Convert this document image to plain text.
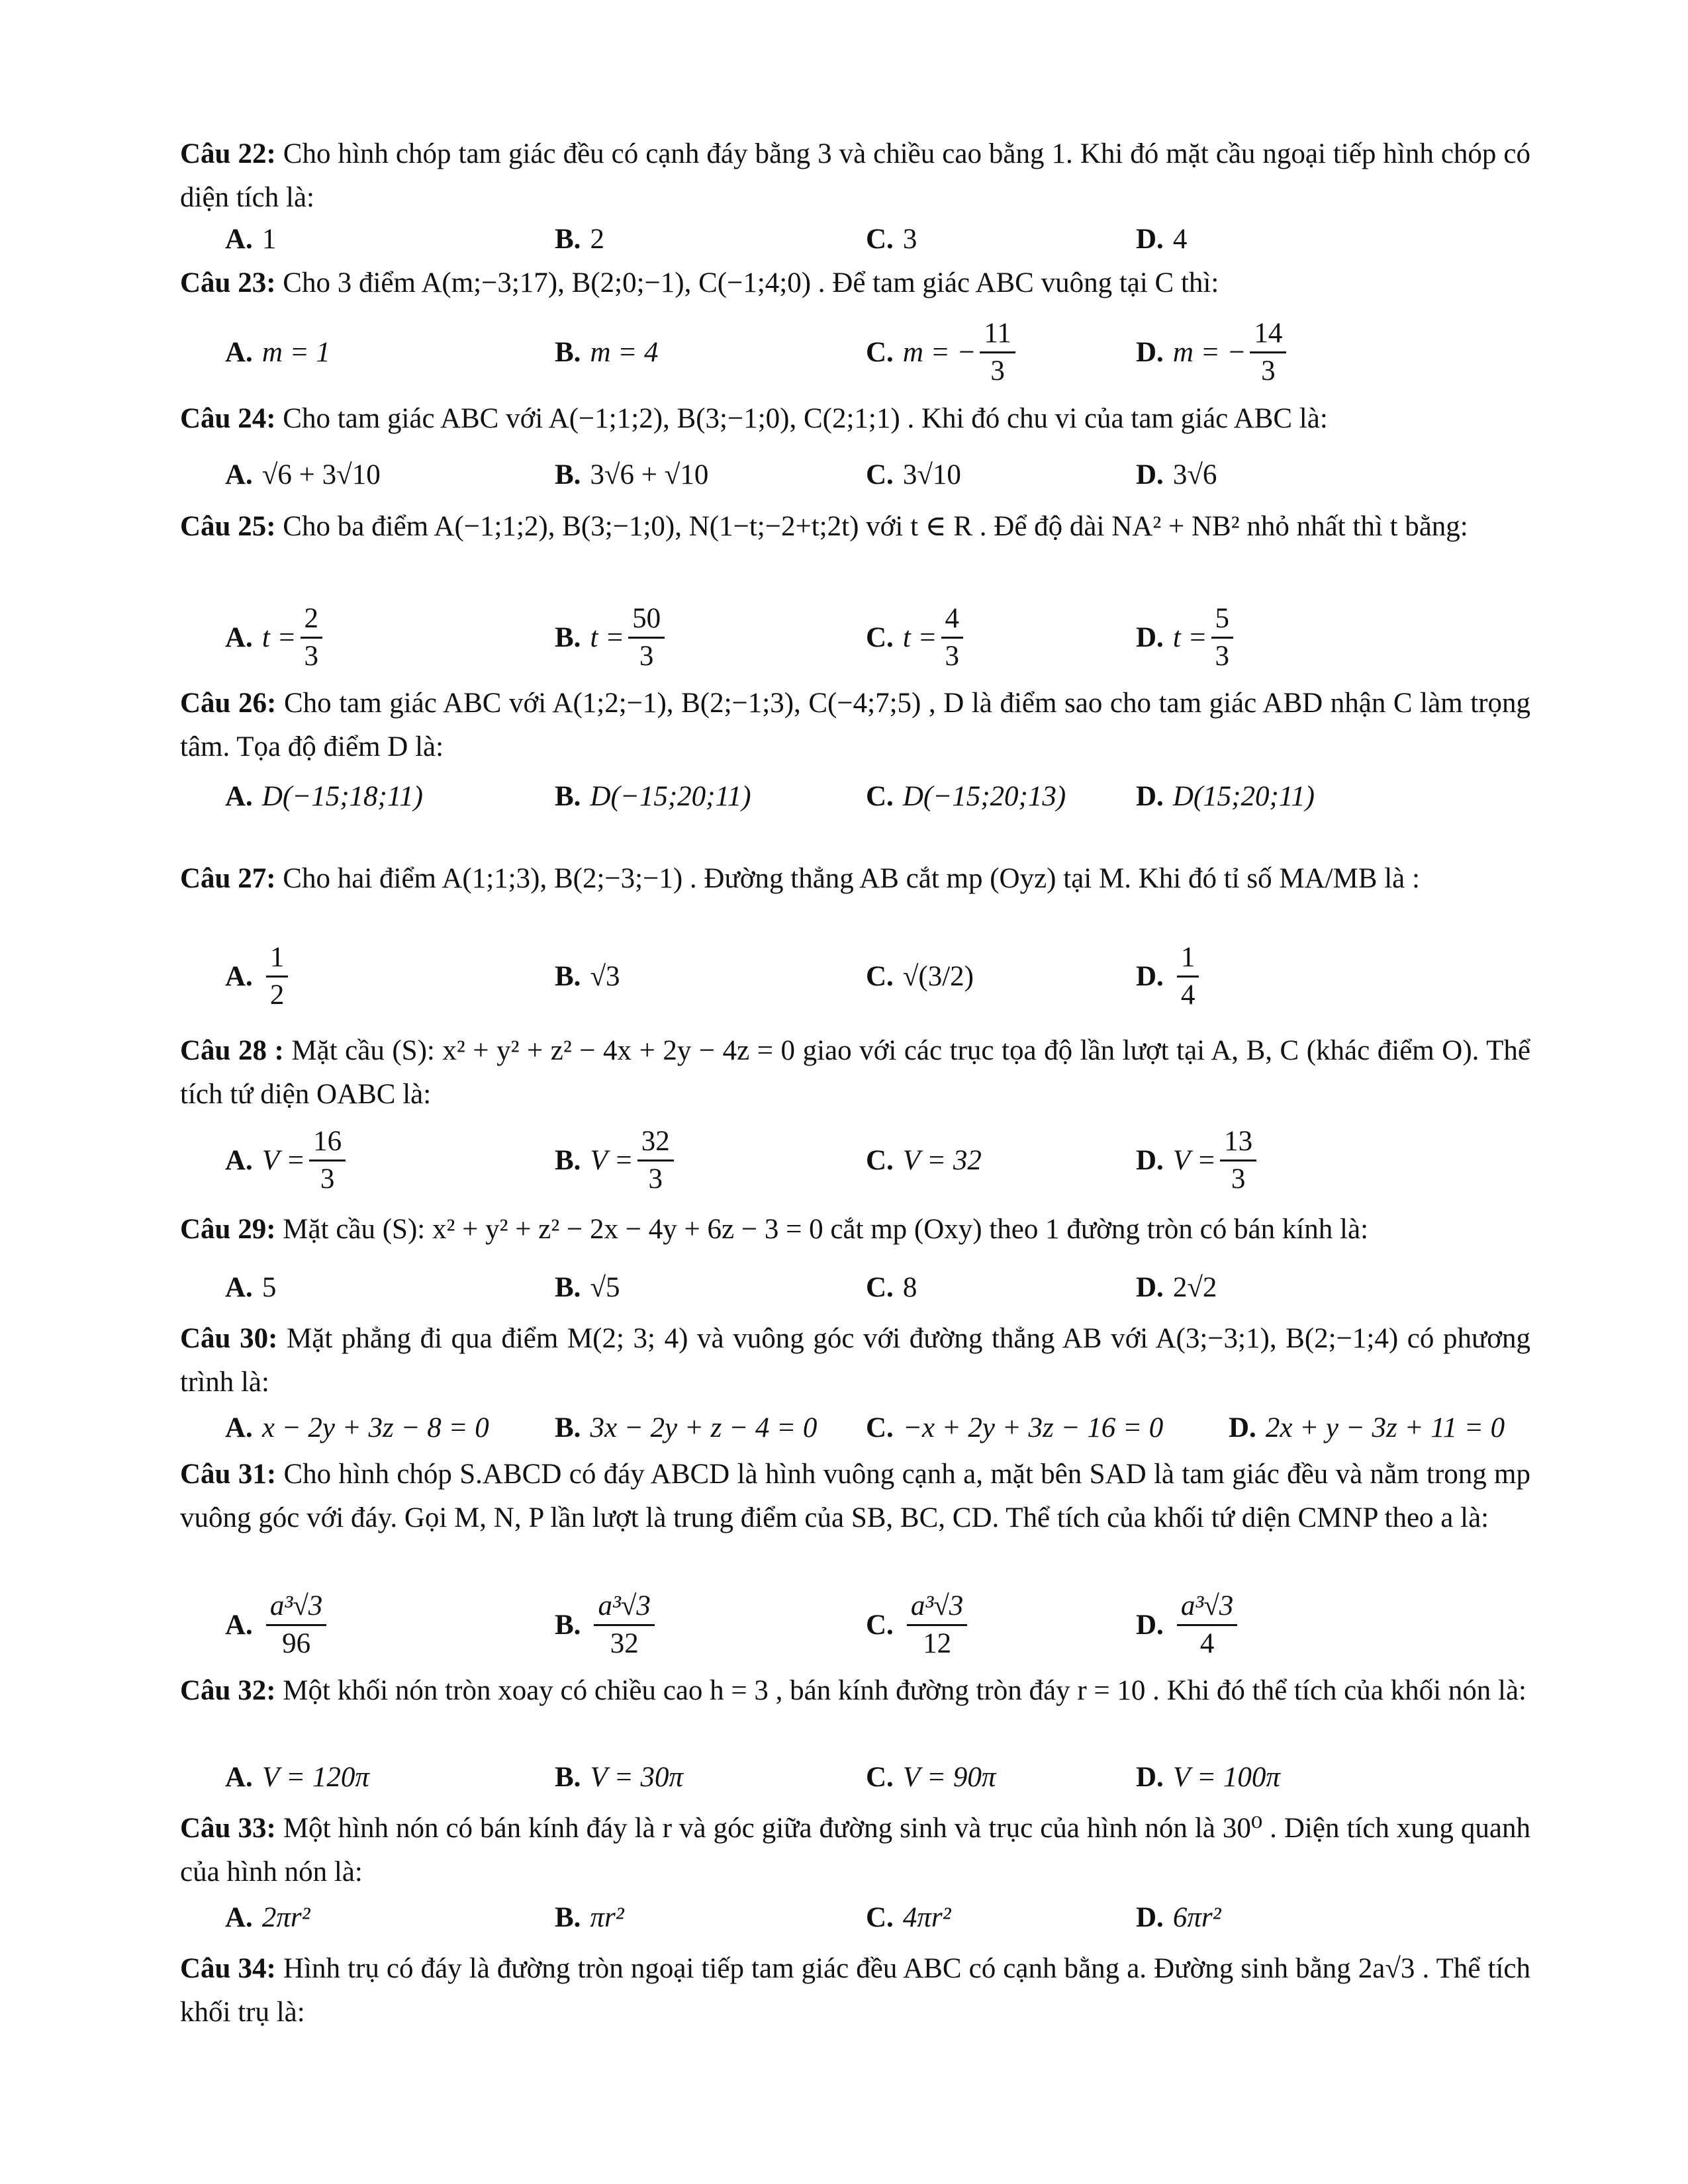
Câu 22: Cho hình chóp tam giác đều có cạnh đáy bằng 3 và chiều cao bằng 1. Khi đó mặt cầu ngoại tiếp hình chóp có diện tích là:
A. 1	B. 2	C. 3	D. 4
Câu 23: Cho 3 điểm A(m;−3;17), B(2;0;−1), C(−1;4;0) . Để tam giác ABC vuông tại C thì:
A. m = 1	B. m = 4	C. m = − $\frac{11}{3}$	D. m = − $\frac{14}{3}$
Câu 24: Cho tam giác ABC với A(−1;1;2), B(3;−1;0), C(2;1;1) . Khi đó chu vi của tam giác ABC là:
A. √6 + 3√10	B. 3√6 + √10	C. 3√10	D. 3√6
Câu 25: Cho ba điểm A(−1;1;2), B(3;−1;0), N(1−t;−2+t;2t) với t ∈ R . Để độ dài NA² + NB² nhỏ nhất thì t bằng:
A. $t = \frac{2}{3}$	B. $t = \frac{50}{3}$	C. $t = \frac{4}{3}$	D. $t = \frac{5}{3}$
Câu 26: Cho tam giác ABC với A(1;2;−1), B(2;−1;3), C(−4;7;5) , D là điểm sao cho tam giác ABD nhận C làm trọng tâm. Tọa độ điểm D là:
A. D(−15;18;11)	B. D(−15;20;11)	C. D(−15;20;13) D. D(15;20;11)
Câu 27: Cho hai điểm A(1;1;3), B(2;−3;−1) . Đường thẳng AB cắt mp (Oyz) tại M. Khi đó tỉ số MA/MB là :
A. $\frac{1}{2}$	B. √3	C. √(3/2)	D. $\frac{1}{4}$
Câu 28 : Mặt cầu (S): x² + y² + z² − 4x + 2y − 4z = 0 giao với các trục tọa độ lần lượt tại A, B, C (khác điểm O). Thể tích tứ diện OABC là:
A. $V = \frac{16}{3}$	B. $V = \frac{32}{3}$	C. V = 32	D. $V = \frac{13}{3}$
Câu 29: Mặt cầu (S): x² + y² + z² − 2x − 4y + 6z − 3 = 0 cắt mp (Oxy) theo 1 đường tròn có bán kính là:
A. 5	B. √5	C. 8	D. 2√2
Câu 30: Mặt phẳng đi qua điểm M(2; 3; 4) và vuông góc với đường thẳng AB với A(3;−3;1), B(2;−1;4) có phương trình là:
A. x − 2y + 3z − 8 = 0 B. 3x − 2y + z − 4 = 0 C. −x + 2y + 3z − 16 = 0 D. 2x + y − 3z + 11 = 0
Câu 31: Cho hình chóp S.ABCD có đáy ABCD là hình vuông cạnh a, mặt bên SAD là tam giác đều và nằm trong mp vuông góc với đáy. Gọi M, N, P lần lượt là trung điểm của SB, BC, CD. Thể tích của khối tứ diện CMNP theo a là:
A. $\frac{\text{a³√3}}{96}$	B. $\frac{\text{a³√3}}{32}$	C. $\frac{\text{a³√3}}{12}$	D. $\frac{\text{a³√3}}{4}$
Câu 32: Một khối nón tròn xoay có chiều cao h = 3 , bán kính đường tròn đáy r = 10 . Khi đó thể tích của khối nón là:
A. V = 120π	B. V = 30π	C. V = 90π	D. V = 100π
Câu 33: Một hình nón có bán kính đáy là r và góc giữa đường sinh và trục của hình nón là 30⁰ . Diện tích xung quanh của hình nón là:
A. 2πr²	B. πr²	C. 4πr²	D. 6πr²
Câu 34: Hình trụ có đáy là đường tròn ngoại tiếp tam giác đều ABC có cạnh bằng a. Đường sinh bằng 2a√3 . Thể tích khối trụ là:
